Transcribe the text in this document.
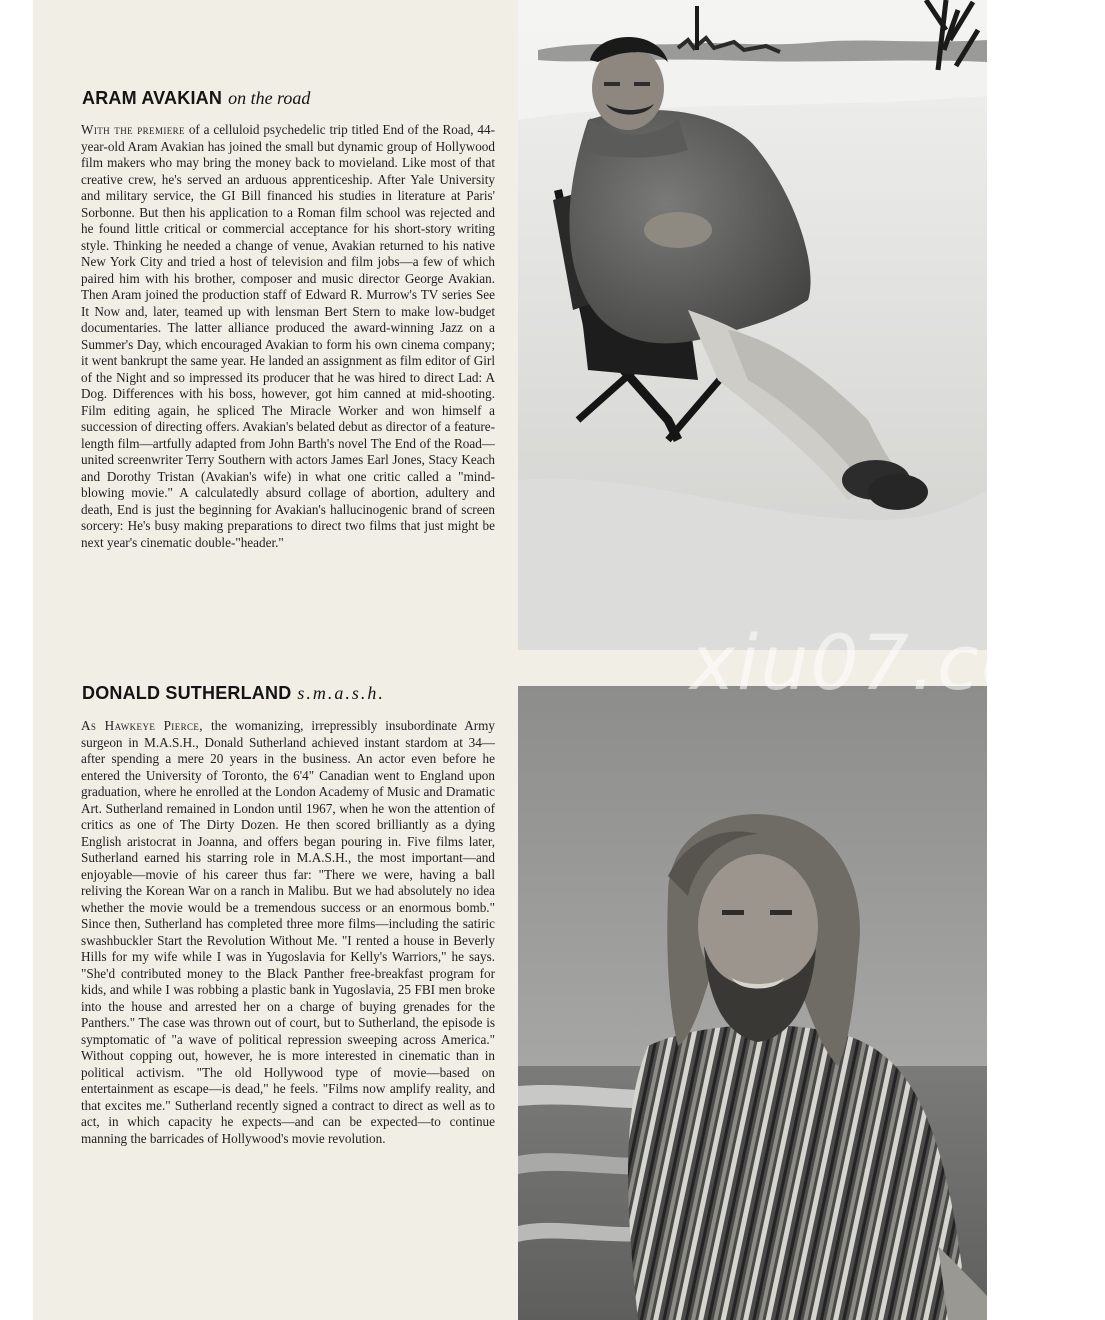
ARAM AVAKIAN on the road

With the premiere of a celluloid psychedelic trip titled End of the Road, 44-year-old Aram Avakian has joined the small but dynamic group of Hollywood film makers who may bring the money back to movieland. Like most of that creative crew, he's served an arduous apprenticeship. After Yale University and military service, the GI Bill financed his studies in literature at Paris' Sorbonne. But then his application to a Roman film school was rejected and he found little critical or commercial acceptance for his short-story writing style. Thinking he needed a change of venue, Avakian returned to his native New York City and tried a host of television and film jobs—a few of which paired him with his brother, composer and music director George Avakian. Then Aram joined the production staff of Edward R. Murrow's TV series See It Now and, later, teamed up with lensman Bert Stern to make low-budget documentaries. The latter alliance produced the award-winning Jazz on a Summer's Day, which encouraged Avakian to form his own cinema company; it went bankrupt the same year. He landed an assignment as film editor of Girl of the Night and so impressed its producer that he was hired to direct Lad: A Dog. Differences with his boss, however, got him canned at mid-shooting. Film editing again, he spliced The Miracle Worker and won himself a succession of directing offers. Avakian's belated debut as director of a feature-length film—artfully adapted from John Barth's novel The End of the Road—united screenwriter Terry Southern with actors James Earl Jones, Stacy Keach and Dorothy Tristan (Avakian's wife) in what one critic called a "mind-blowing movie." A calculatedly absurd collage of abortion, adultery and death, End is just the beginning for Avakian's hallucinogenic brand of screen sorcery: He's busy making preparations to direct two films that just might be next year's cinematic double-"header."

DONALD SUTHERLAND s.m.a.s.h.

As Hawkeye Pierce, the womanizing, irrepressibly insubordinate Army surgeon in M.A.S.H., Donald Sutherland achieved instant stardom at 34—after spending a mere 20 years in the business. An actor even before he entered the University of Toronto, the 6'4" Canadian went to England upon graduation, where he enrolled at the London Academy of Music and Dramatic Art. Sutherland remained in London until 1967, when he won the attention of critics as one of The Dirty Dozen. He then scored brilliantly as a dying English aristocrat in Joanna, and offers began pouring in. Five films later, Sutherland earned his starring role in M.A.S.H., the most important—and enjoyable—movie of his career thus far: "There we were, having a ball reliving the Korean War on a ranch in Malibu. But we had absolutely no idea whether the movie would be a tremendous success or an enormous bomb." Since then, Sutherland has completed three more films—including the satiric swashbuckler Start the Revolution Without Me. "I rented a house in Beverly Hills for my wife while I was in Yugoslavia for Kelly's Warriors," he says. "She'd contributed money to the Black Panther free-breakfast program for kids, and while I was robbing a plastic bank in Yugoslavia, 25 FBI men broke into the house and arrested her on a charge of buying grenades for the Panthers." The case was thrown out of court, but to Sutherland, the episode is symptomatic of "a wave of political repression sweeping across America." Without copping out, however, he is more interested in cinematic than in political activism. "The old Hollywood type of movie—based on entertainment as escape—is dead," he feels. "Films now amplify reality, and that excites me." Sutherland recently signed a contract to direct as well as to act, in which capacity he expects—and can be expected—to continue manning the barricades of Hollywood's movie revolution.

xiu07.com
